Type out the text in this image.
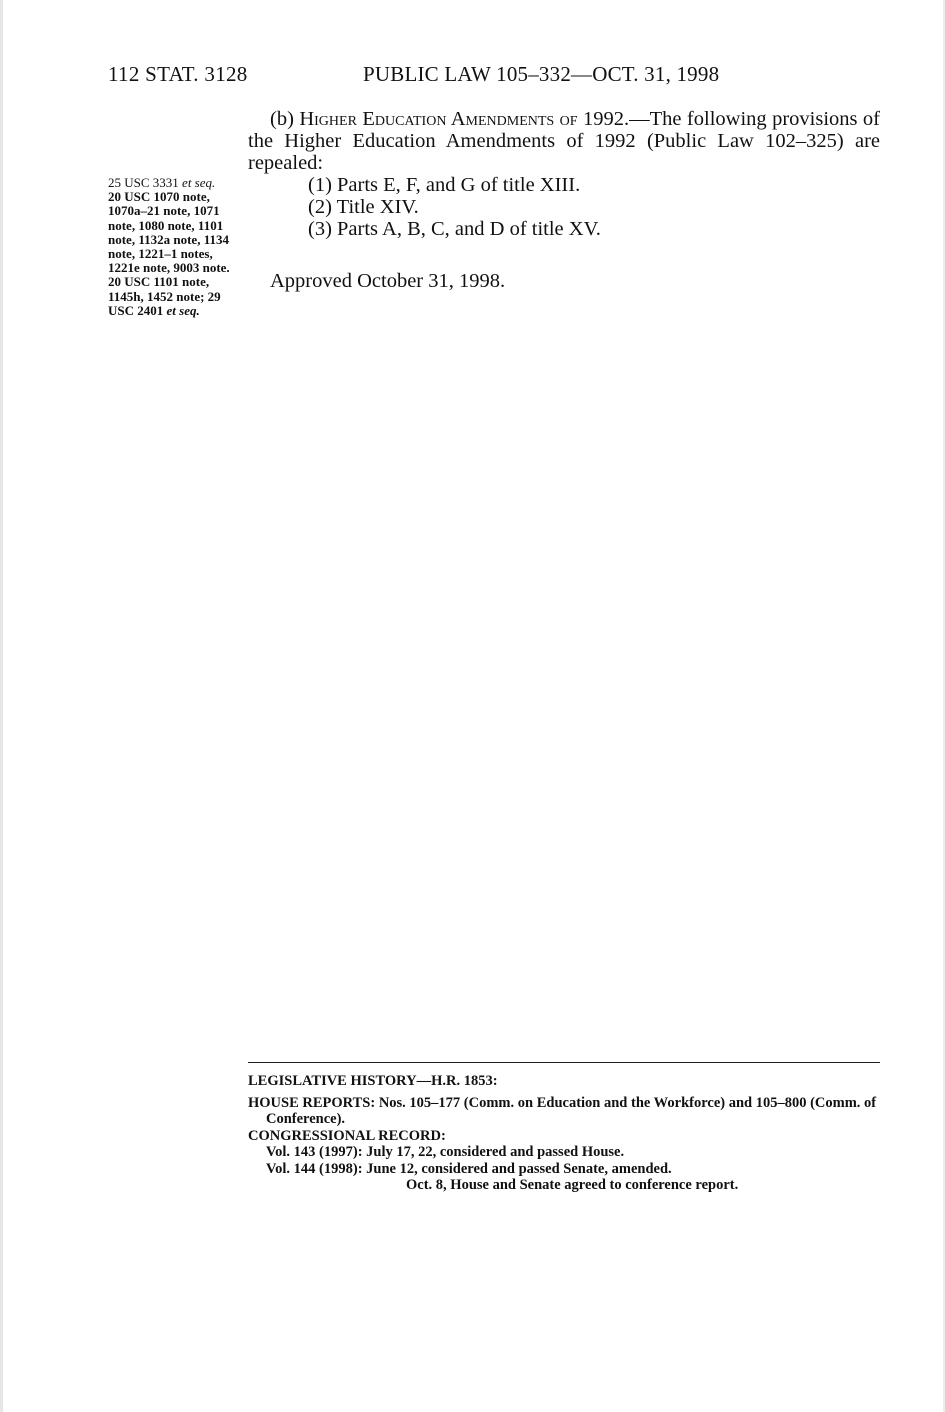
112 STAT. 3128	PUBLIC LAW 105–332—OCT. 31, 1998

25 USC 3331 et seq.

20 USC 1070 note, 1070a–21 note, 1071 note, 1080 note, 1101 note, 1132a note, 1134 note, 1221–1 notes, 1221e note, 9003 note.

20 USC 1101 note, 1145h, 1452 note; 29 USC 2401 et seq.

(b) Higher Education Amendments of 1992.—The following provisions of the Higher Education Amendments of 1992 (Public Law 102–325) are repealed:

(1) Parts E, F, and G of title XIII.

(2) Title XIV.

(3) Parts A, B, C, and D of title XV.

Approved October 31, 1998.

LEGISLATIVE HISTORY—H.R. 1853:

HOUSE REPORTS: Nos. 105–177 (Comm. on Education and the Workforce) and 105–800 (Comm. of Conference).

CONGRESSIONAL RECORD:

Vol. 143 (1997): July 17, 22, considered and passed House.

Vol. 144 (1998): June 12, considered and passed Senate, amended.

Oct. 8, House and Senate agreed to conference report.
